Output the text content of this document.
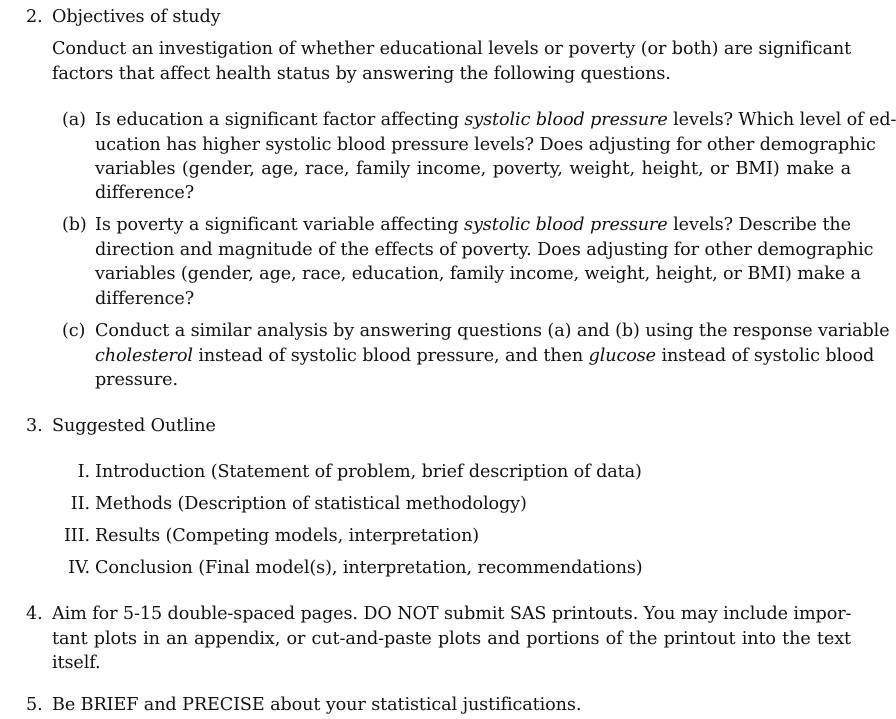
2. Objectives of study
Conduct an investigation of whether educational levels or poverty (or both) are significant
factors that affect health status by answering the following questions.
(a) Is education a significant factor affecting systolic blood pressure levels? Which level of ed-
ucation has higher systolic blood pressure levels? Does adjusting for other demographic
variables (gender, age, race, family income, poverty, weight, height, or BMI) make a
difference?
(b) Is poverty a significant variable affecting systolic blood pressure levels? Describe the
direction and magnitude of the effects of poverty. Does adjusting for other demographic
variables (gender, age, race, education, family income, weight, height, or BMI) make a
difference?
(c) Conduct a similar analysis by answering questions (a) and (b) using the response variable
cholesterol instead of systolic blood pressure, and then glucose instead of systolic blood
pressure.
3. Suggested Outline
I. Introduction (Statement of problem, brief description of data)
II. Methods (Description of statistical methodology)
III. Results (Competing models, interpretation)
IV. Conclusion (Final model(s), interpretation, recommendations)
4. Aim for 5-15 double-spaced pages. DO NOT submit SAS printouts. You may include impor-
tant plots in an appendix, or cut-and-paste plots and portions of the printout into the text
itself.
5. Be BRIEF and PRECISE about your statistical justifications.
